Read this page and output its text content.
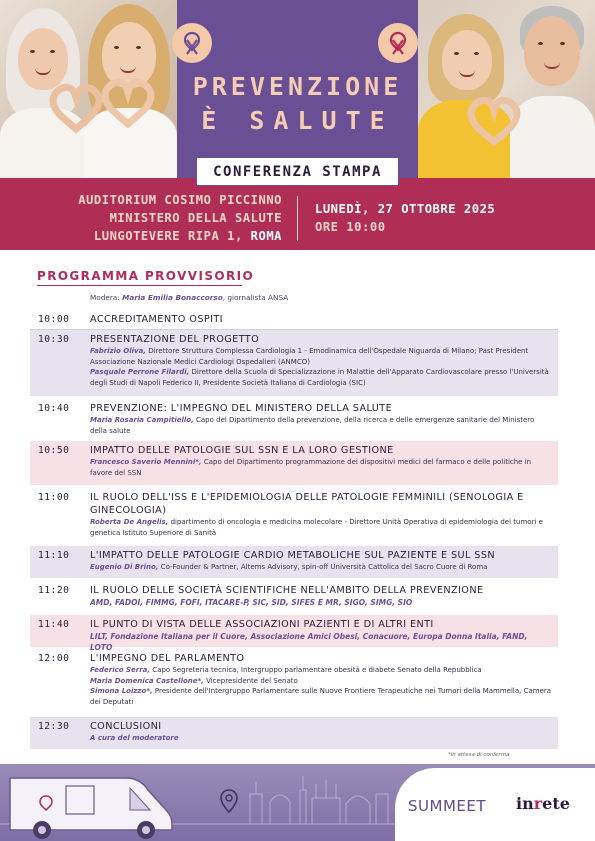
PREVENZIONE
È SALUTE
CONFERENZA STAMPA
AUDITORIUM COSIMO PICCINNO
MINISTERO DELLA SALUTE
LUNGOTEVERE RIPA 1, ROMA
LUNEDÌ, 27 OTTOBRE 2025
ORE 10:00
PROGRAMMA PROVVISORIO
Modera: Maria Emilia Bonaccorso, giornalista ANSA
10:00 ACCREDITAMENTO OSPITI
10:30 PRESENTAZIONE DEL PROGETTO
Fabrizio Oliva, Direttore Struttura Complessa Cardiologia 1 - Emodinamica dell'Ospedale Niguarda di Milano; Past President Associazione Nazionale Medici Cardiologi Ospedalieri (ANMCO)
Pasquale Perrone Filardi, Direttore della Scuola di Specializzazione in Malattie dell'Apparato Cardiovascolare presso l'Università degli Studi di Napoli Federico II, Presidente Società Italiana di Cardiologia (SIC)
10:40 PREVENZIONE: L'IMPEGNO DEL MINISTERO DELLA SALUTE
Maria Rosaria Campitiello, Capo del Dipartimento della prevenzione, della ricerca e delle emergenze sanitarie del Ministero della salute
10:50 IMPATTO DELLE PATOLOGIE SUL SSN E LA LORO GESTIONE
Francesco Saverio Mennini*, Capo del Dipartimento programmazione dei dispositivi medici del farmaco e delle politiche in favore del SSN
11:00 IL RUOLO DELL'ISS E L'EPIDEMIOLOGIA DELLE PATOLOGIE FEMMINILI (SENOLOGIA E GINECOLOGIA)
Roberta De Angelis, dipartimento di oncologia e medicina molecolare - Direttore Unità Operativa di epidemiologia dei tumori e genetica Istituto Superiore di Sanità
11:10 L'IMPATTO DELLE PATOLOGIE CARDIO METABOLICHE SUL PAZIENTE E SUL SSN
Eugenio Di Brino, Co-Founder & Partner, Altems Advisory, spin-off Università Cattolica del Sacro Cuore di Roma
11:20 IL RUOLO DELLE SOCIETÀ SCIENTIFICHE NELL'AMBITO DELLA PREVENZIONE
AMD, FADOI, FIMMG, FOFI, ITACARE-P, SIC, SID, SIFES E MR, SIGO, SIMG, SIO
11:40 IL PUNTO DI VISTA DELLE ASSOCIAZIONI PAZIENTI E DI ALTRI ENTI
LILT, Fondazione Italiana per il Cuore, Associazione Amici Obesi, Conacuore, Europa Donna Italia, FAND, LOTO
12:00 L'IMPEGNO DEL PARLAMENTO
Federico Serra, Capo Segreteria tecnica, Intergruppo parlamentare obesità e diabete Senato della Repubblica
Maria Domenica Castellone*, Vicepresidente del Senato
Simona Loizzo*, Presidente dell'Intergruppo Parlamentare sulle Nuove Frontiere Terapeutiche nei Tumori della Mammella, Camera dei Deputati
12:30 CONCLUSIONI
A cura del moderatore
*in attesa di conferma
SUMMEET inrete
